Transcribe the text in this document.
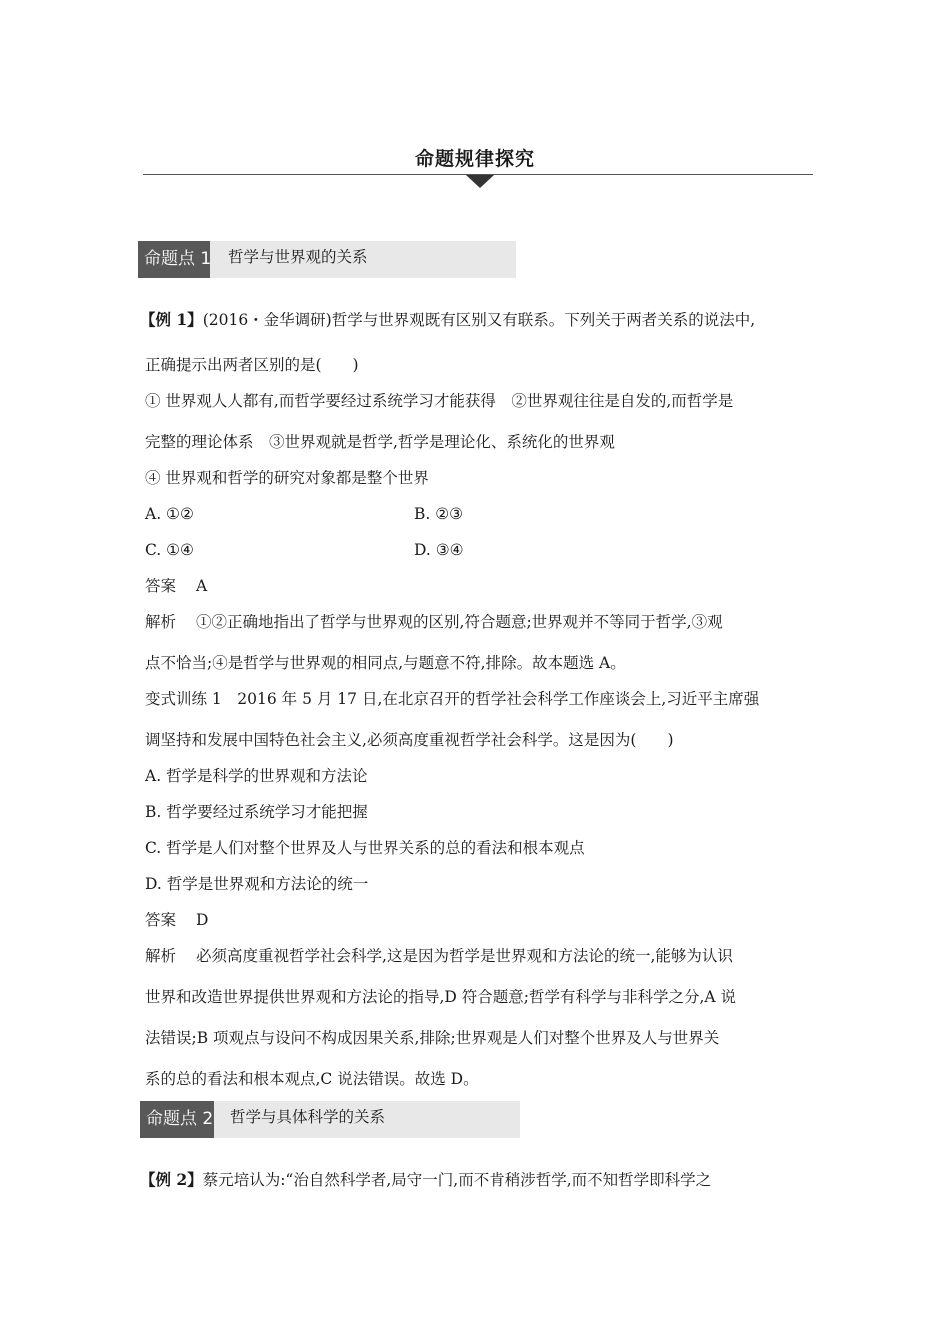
命题规律探究
命题点 1 哲学与世界观的关系
【例 1】(2016・金华调研)哲学与世界观既有区别又有联系。下列关于两者关系的说法中,
正确提示出两者区别的是(　　)
① 世界观人人都有,而哲学要经过系统学习才能获得　②世界观往往是自发的,而哲学是
完整的理论体系　③世界观就是哲学,哲学是理论化、系统化的世界观
④ 世界观和哲学的研究对象都是整个世界
A. ①②	B. ②③
C. ①④	D. ③④
答案 A
解析 ①②正确地指出了哲学与世界观的区别,符合题意;世界观并不等同于哲学,③观
点不恰当;④是哲学与世界观的相同点,与题意不符,排除。故本题选 A。
变式训练 1　2016 年 5 月 17 日,在北京召开的哲学社会科学工作座谈会上,习近平主席强
调坚持和发展中国特色社会主义,必须高度重视哲学社会科学。这是因为(　　)
A. 哲学是科学的世界观和方法论
B. 哲学要经过系统学习才能把握
C. 哲学是人们对整个世界及人与世界关系的总的看法和根本观点
D. 哲学是世界观和方法论的统一
答案 D
解析 必须高度重视哲学社会科学,这是因为哲学是世界观和方法论的统一,能够为认识
世界和改造世界提供世界观和方法论的指导,D 符合题意;哲学有科学与非科学之分,A 说
法错误;B 项观点与设问不构成因果关系,排除;世界观是人们对整个世界及人与世界关
系的总的看法和根本观点,C 说法错误。故选 D。
命题点 2 哲学与具体科学的关系
【例 2】蔡元培认为:“治自然科学者,局守一门,而不肯稍涉哲学,而不知哲学即科学之
